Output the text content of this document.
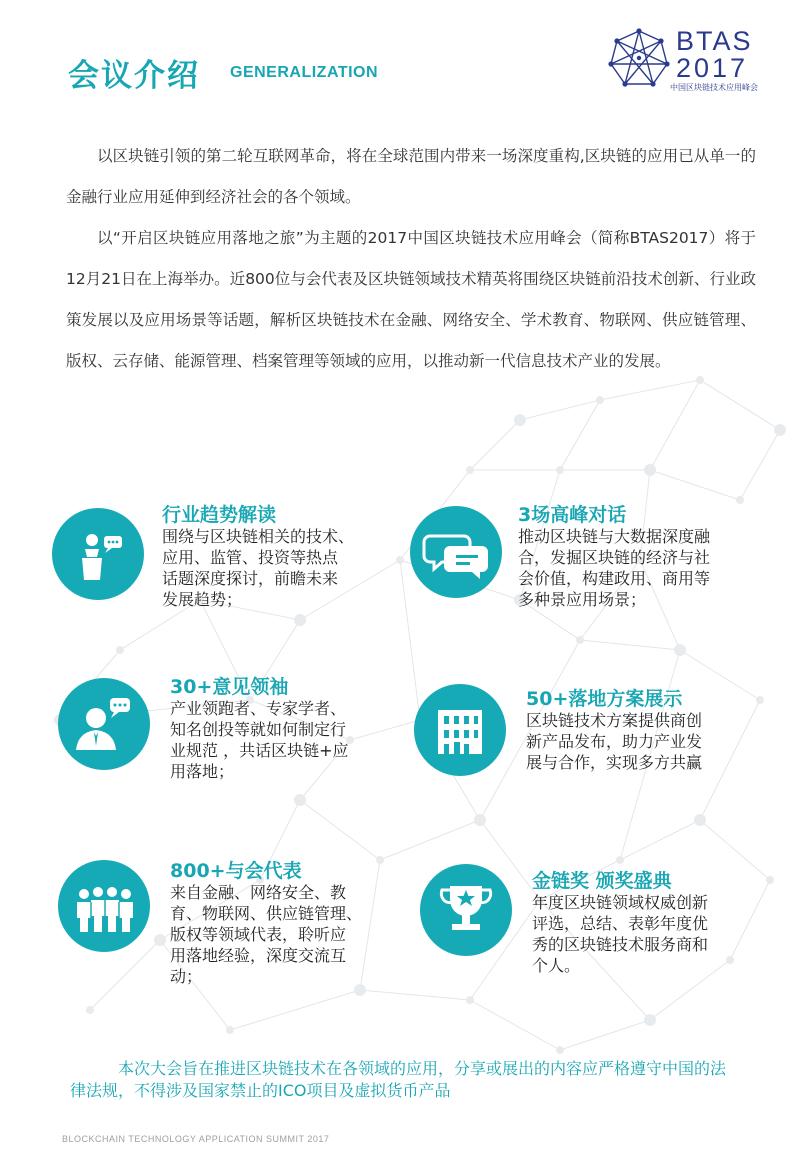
会议介绍 GENERALIZATION
BTAS
2017
中国区块链技术应用峰会

以区块链引领的第二轮互联网革命，将在全球范围内带来一场深度重构,区块链的应用已从单一的金融行业应用延伸到经济社会的各个领域。

以“开启区块链应用落地之旅”为主题的2017中国区块链技术应用峰会（简称BTAS2017）将于12月21日在上海举办。近800位与会代表及区块链领域技术精英将围绕区块链前沿技术创新、行业政策发展以及应用场景等话题，解析区块链技术在金融、网络安全、学术教育、物联网、供应链管理、版权、云存储、能源管理、档案管理等领域的应用，以推动新一代信息技术产业的发展。

行业趋势解读
围绕与区块链相关的技术、
应用、监管、投资等热点
话题深度探讨，前瞻未来
发展趋势；
3场高峰对话
推动区块链与大数据深度融
合，发掘区块链的经济与社
会价值，构建政用、商用等
多种景应用场景；
30+意见领袖
产业领跑者、专家学者、
知名创投等就如何制定行
业规范 ，共话区块链+应
用落地；
50+落地方案展示
区块链技术方案提供商创
新产品发布，助力产业发
展与合作，实现多方共赢
800+与会代表
来自金融、网络安全、教
育、物联网、供应链管理、
版权等领域代表，聆听应
用落地经验，深度交流互
动；
金链奖 颁奖盛典
年度区块链领域权威创新
评选，总结、表彰年度优
秀的区块链技术服务商和
个人。

本次大会旨在推进区块链技术在各领域的应用，分享或展出的内容应严格遵守中国的法律法规，不得涉及国家禁止的ICO项目及虚拟货币产品

BLOCKCHAIN TECHNOLOGY APPLICATION SUMMIT 2017
